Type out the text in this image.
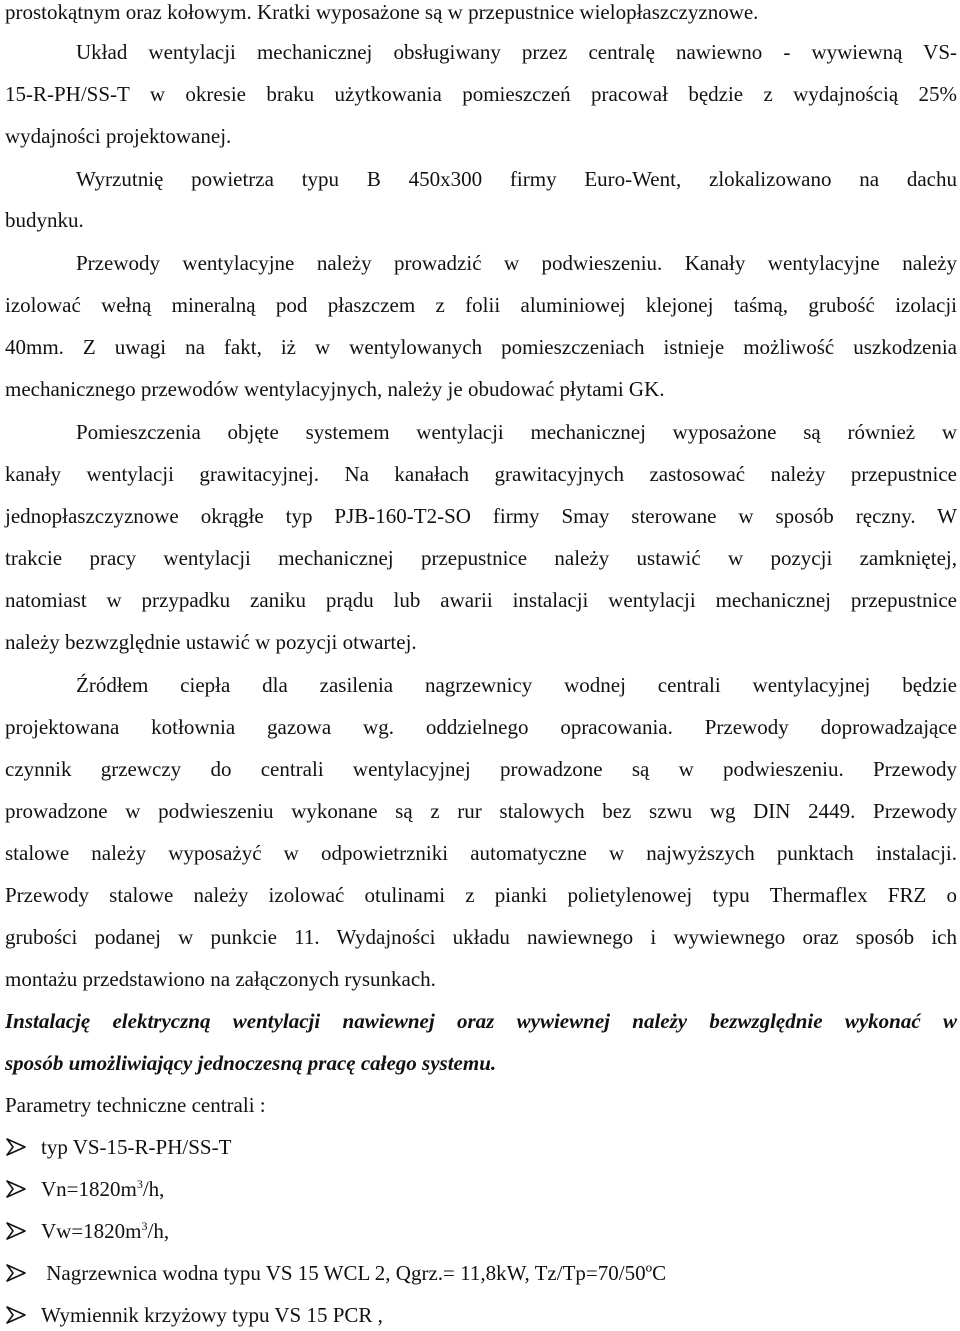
prostokątnym oraz kołowym. Kratki wyposażone są w przepustnice wielopłaszczyznowe.
Układ wentylacji mechanicznej obsługiwany przez centralę nawiewno - wywiewną VS-
15-R-PH/SS-T w okresie braku użytkowania pomieszczeń pracował będzie z wydajnością 25%
wydajności projektowanej.
Wyrzutnię powietrza typu B 450x300 firmy Euro-Went, zlokalizowano na dachu
budynku.
Przewody wentylacyjne należy prowadzić w podwieszeniu. Kanały wentylacyjne należy
izolować wełną mineralną pod płaszczem z folii aluminiowej klejonej taśmą, grubość izolacji
40mm. Z uwagi na fakt, iż w wentylowanych pomieszczeniach istnieje możliwość uszkodzenia
mechanicznego przewodów wentylacyjnych, należy je obudować płytami GK.
Pomieszczenia objęte systemem wentylacji mechanicznej wyposażone są również w
kanały wentylacji grawitacyjnej. Na kanałach grawitacyjnych zastosować należy przepustnice
jednopłaszczyznowe okrągłe typ PJB-160-T2-SO firmy Smay sterowane w sposób ręczny. W
trakcie pracy wentylacji mechanicznej przepustnice należy ustawić w pozycji zamkniętej,
natomiast w przypadku zaniku prądu lub awarii instalacji wentylacji mechanicznej przepustnice
należy bezwzględnie ustawić w pozycji otwartej.
Źródłem ciepła dla zasilenia nagrzewnicy wodnej centrali wentylacyjnej będzie
projektowana kotłownia gazowa wg. oddzielnego opracowania. Przewody doprowadzające
czynnik grzewczy do centrali wentylacyjnej prowadzone są w podwieszeniu. Przewody
prowadzone w podwieszeniu wykonane są z rur stalowych bez szwu wg DIN 2449. Przewody
stalowe należy wyposażyć w odpowietrzniki automatyczne w najwyższych punktach instalacji.
Przewody stalowe należy izolować otulinami z pianki polietylenowej typu Thermaflex FRZ o
grubości podanej w punkcie 11. Wydajności układu nawiewnego i wywiewnego oraz sposób ich
montażu przedstawiono na załączonych rysunkach.
Instalację elektryczną wentylacji nawiewnej oraz wywiewnej należy bezwzględnie wykonać w
sposób umożliwiający jednoczesną pracę całego systemu.
Parametry techniczne centrali :
typ VS-15-R-PH/SS-T
$Vn=1820m^3/h$,
$Vw=1820m^3/h$,
Nagrzewnica wodna typu VS 15 WCL 2, Qgrz.= 11,8kW, Tz/Tp=70/50ºC
Wymiennik krzyżowy typu VS 15 PCR ,
